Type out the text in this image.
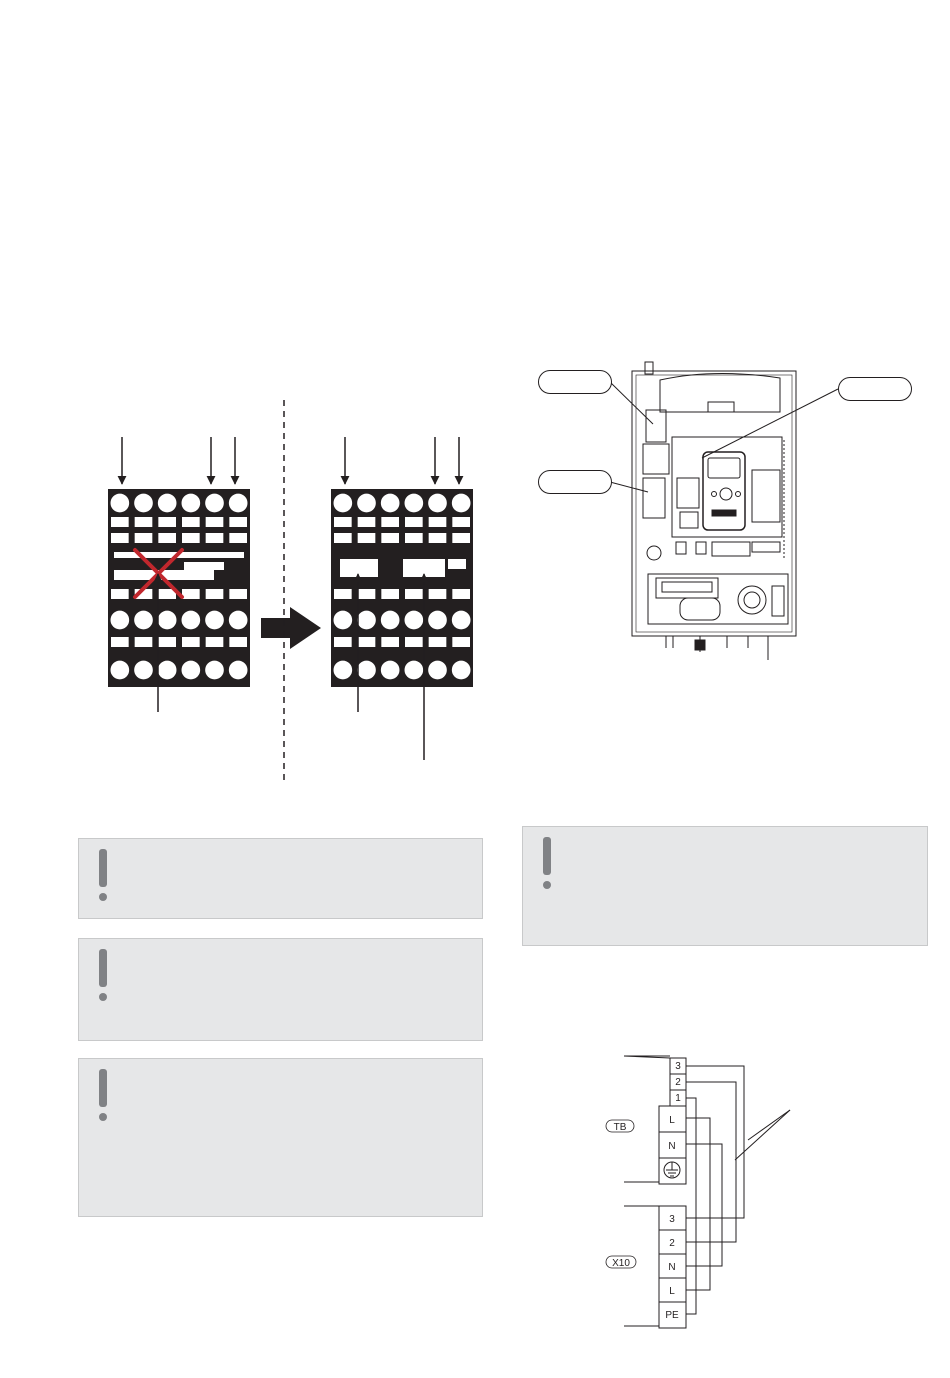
3
2
1
L
N
3
2
N
L
PE
TB
X10
